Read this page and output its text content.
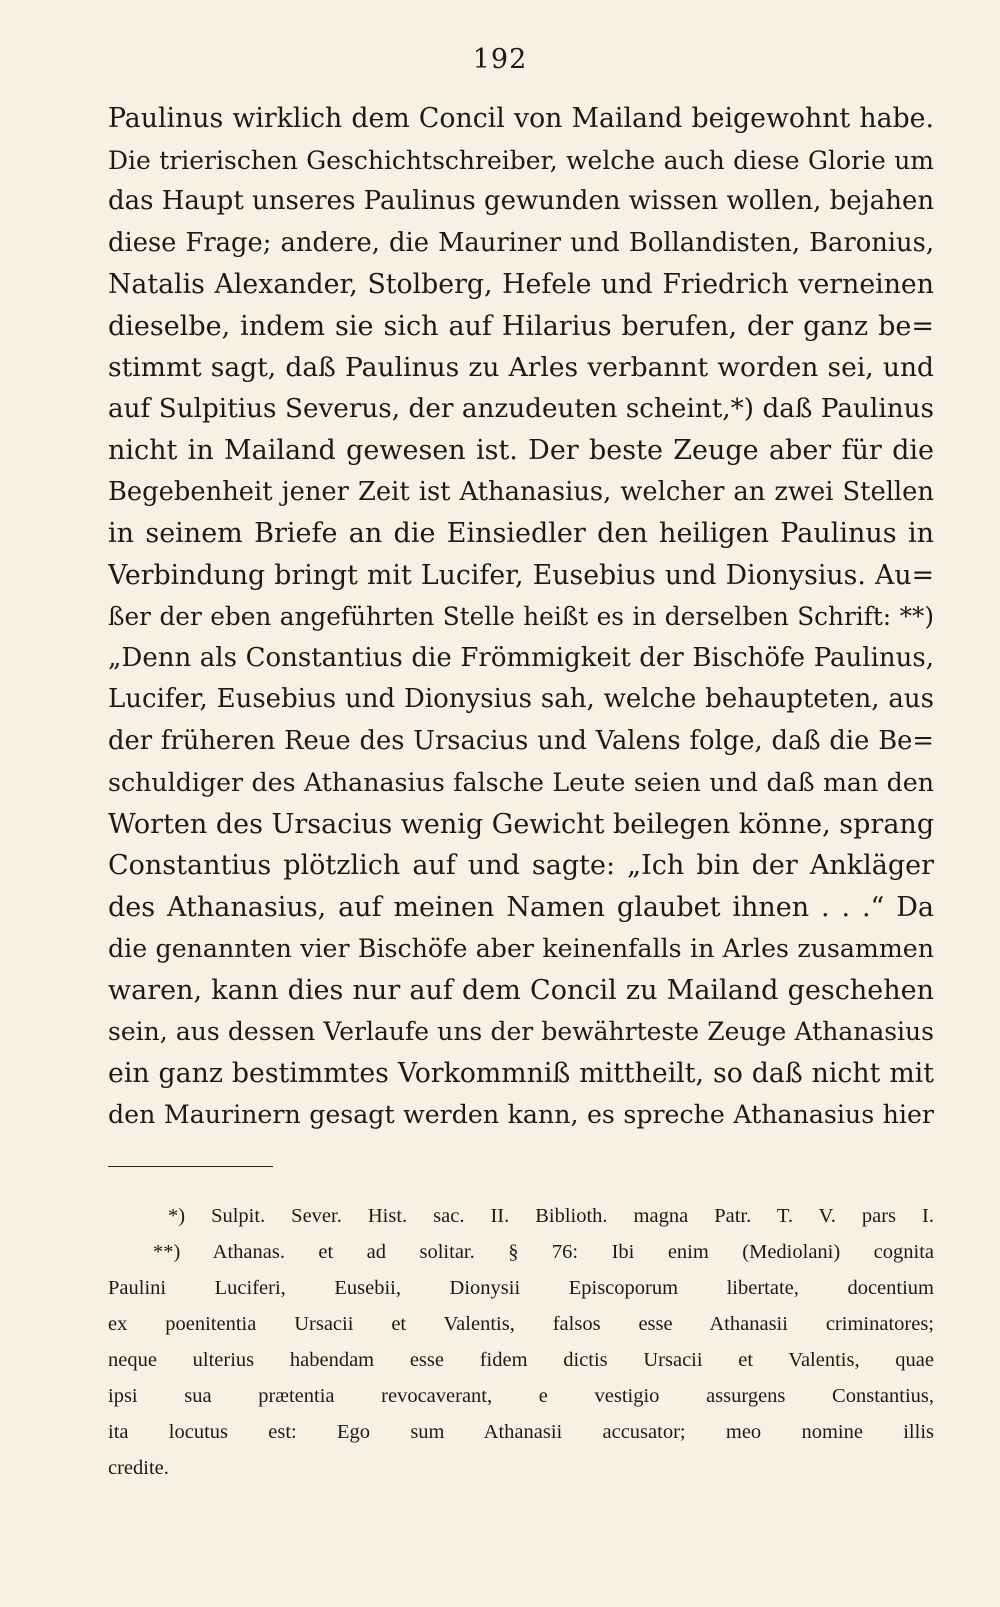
192
Paulinus wirklich dem Concil von Mailand beigewohnt habe.
Die trierischen Geschichtschreiber, welche auch diese Glorie um
das Haupt unseres Paulinus gewunden wissen wollen, bejahen
diese Frage; andere, die Mauriner und Bollandisten, Baronius,
Natalis Alexander, Stolberg, Hefele und Friedrich verneinen
dieselbe, indem sie sich auf Hilarius berufen, der ganz be=
stimmt sagt, daß Paulinus zu Arles verbannt worden sei, und
auf Sulpitius Severus, der anzudeuten scheint,*) daß Paulinus
nicht in Mailand gewesen ist. Der beste Zeuge aber für die
Begebenheit jener Zeit ist Athanasius, welcher an zwei Stellen
in seinem Briefe an die Einsiedler den heiligen Paulinus in
Verbindung bringt mit Lucifer, Eusebius und Dionysius. Au=
ßer der eben angeführten Stelle heißt es in derselben Schrift: **)
„Denn als Constantius die Frömmigkeit der Bischöfe Paulinus,
Lucifer, Eusebius und Dionysius sah, welche behaupteten, aus
der früheren Reue des Ursacius und Valens folge, daß die Be=
schuldiger des Athanasius falsche Leute seien und daß man den
Worten des Ursacius wenig Gewicht beilegen könne, sprang
Constantius plötzlich auf und sagte: „Ich bin der Ankläger
des Athanasius, auf meinen Namen glaubet ihnen . . .“ Da
die genannten vier Bischöfe aber keinenfalls in Arles zusammen
waren, kann dies nur auf dem Concil zu Mailand geschehen
sein, aus dessen Verlaufe uns der bewährteste Zeuge Athanasius
ein ganz bestimmtes Vorkommniß mittheilt, so daß nicht mit
den Maurinern gesagt werden kann, es spreche Athanasius hier
*) Sulpit. Sever. Hist. sac. II. Biblioth. magna Patr. T. V. pars I.
**) Athanas. et ad solitar. § 76: Ibi enim (Mediolani) cognita
Paulini Luciferi, Eusebii, Dionysii Episcoporum libertate, docentium
ex poenitentia Ursacii et Valentis, falsos esse Athanasii criminatores;
neque ulterius habendam esse fidem dictis Ursacii et Valentis, quae
ipsi sua prætentia revocaverant, e vestigio assurgens Constantius,
ita locutus est: Ego sum Athanasii accusator; meo nomine illis
credite.
